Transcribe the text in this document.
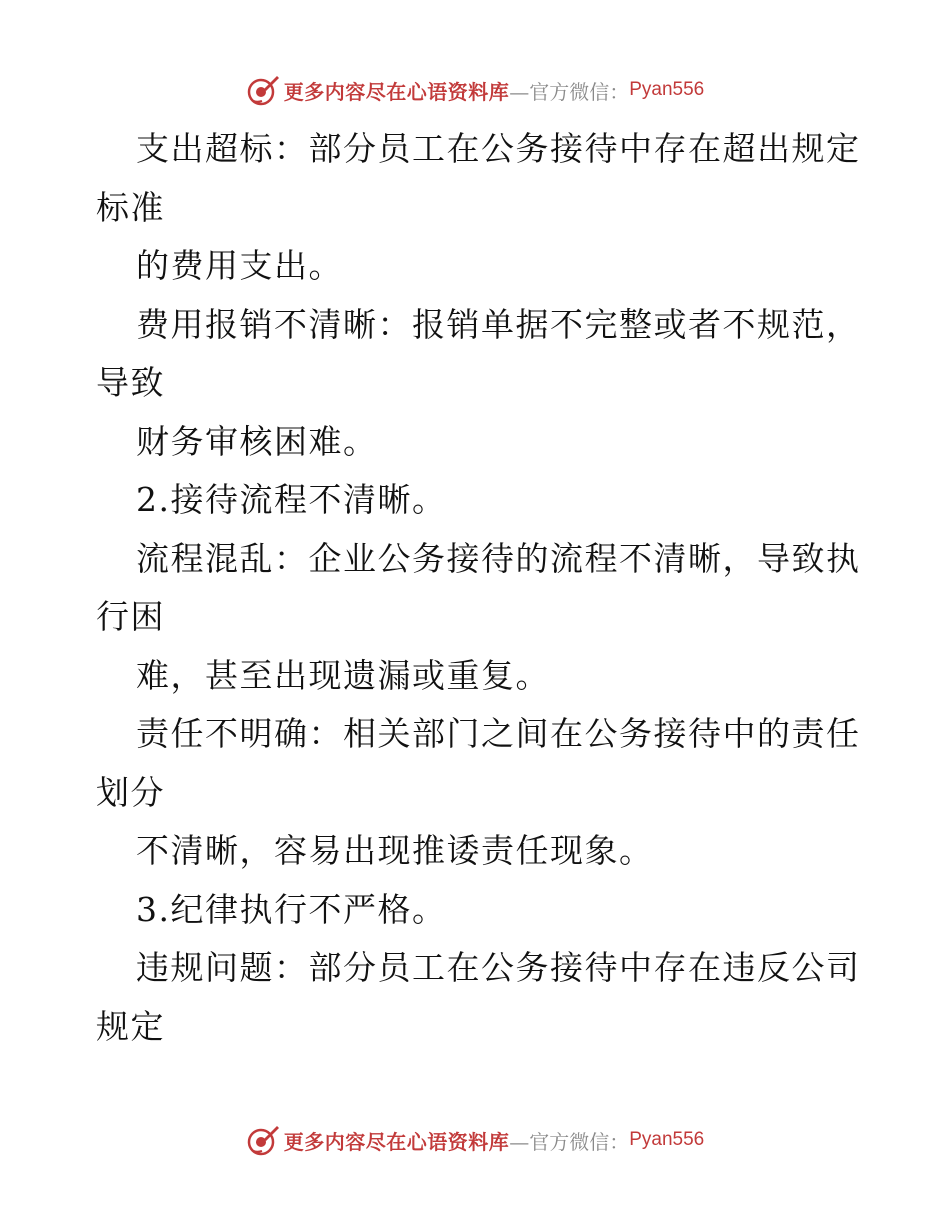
更多内容尽在心语资料库 —官方微信： Pyan556
支出超标：部分员工在公务接待中存在超出规定
标准
的费用支出。
费用报销不清晰：报销单据不完整或者不规范，
导致
财务审核困难。
2.接待流程不清晰。
流程混乱：企业公务接待的流程不清晰，导致执
行困
难，甚至出现遗漏或重复。
责任不明确：相关部门之间在公务接待中的责任
划分
不清晰，容易出现推诿责任现象。
3.纪律执行不严格。
违规问题：部分员工在公务接待中存在违反公司
规定
更多内容尽在心语资料库 —官方微信： Pyan556
